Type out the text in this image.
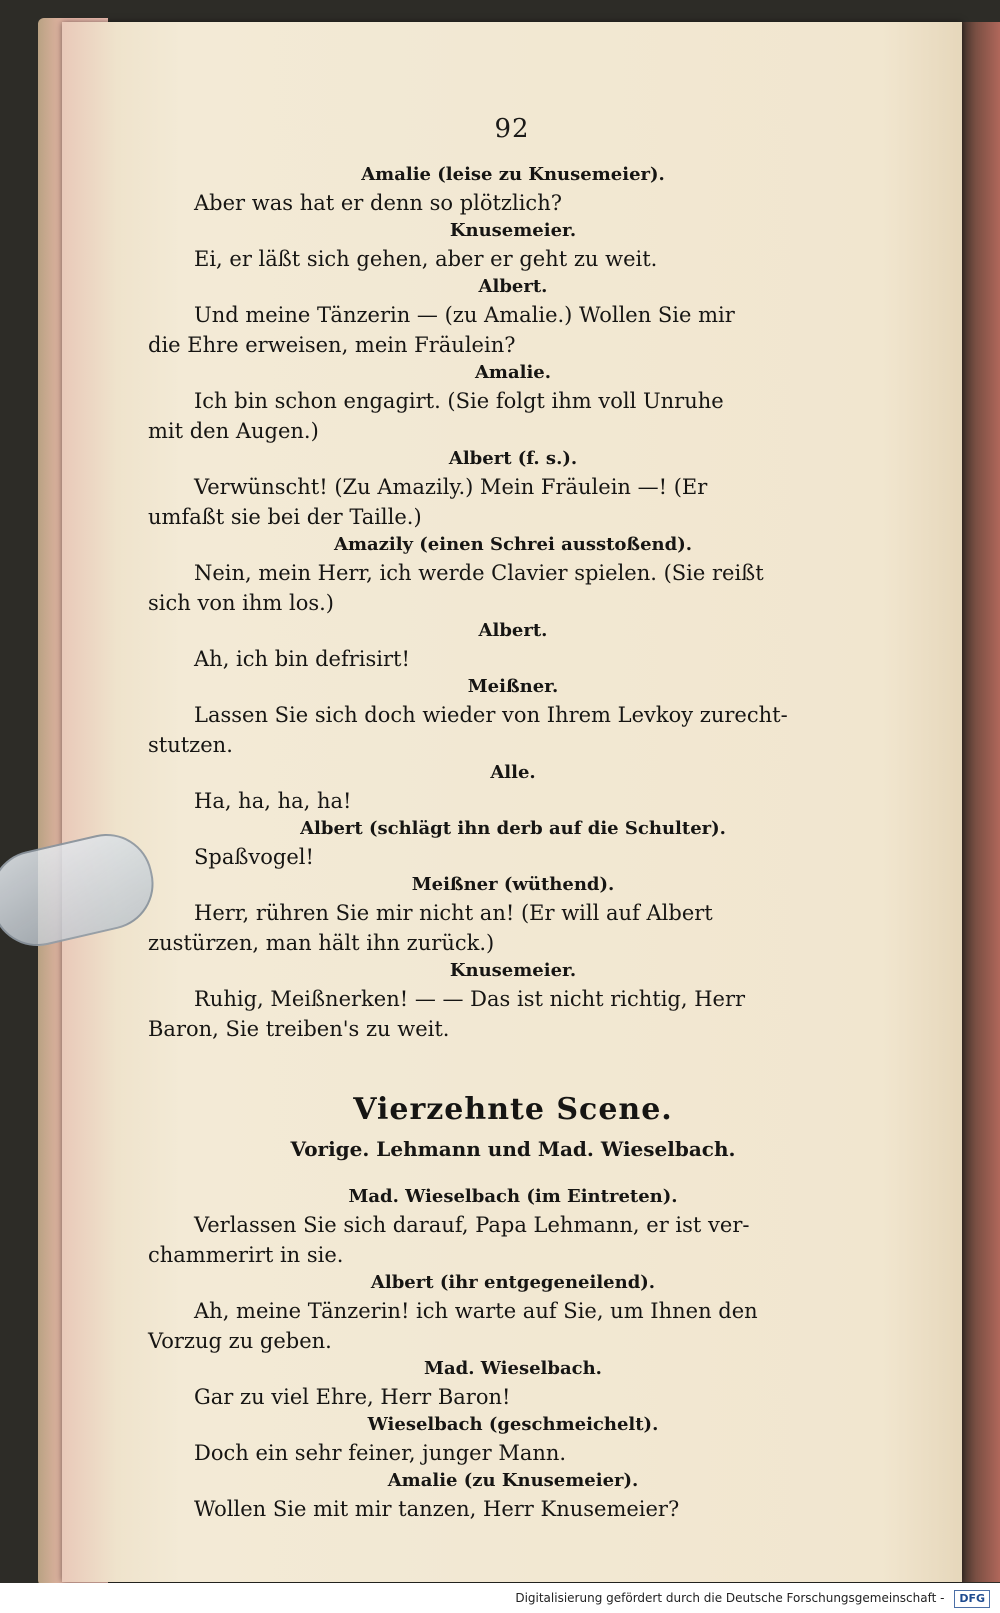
92
Amalie (leise zu Knusemeier).
Aber was hat er denn so plötzlich?
Knusemeier.
Ei, er läßt sich gehen, aber er geht zu weit.
Albert.
Und meine Tänzerin — (zu Amalie.) Wollen Sie mir
die Ehre erweisen, mein Fräulein?
Amalie.
Ich bin schon engagirt. (Sie folgt ihm voll Unruhe
mit den Augen.)
Albert (f. s.).
Verwünscht! (Zu Amazily.) Mein Fräulein —! (Er
umfaßt sie bei der Taille.)
Amazily (einen Schrei ausstoßend).
Nein, mein Herr, ich werde Clavier spielen. (Sie reißt
sich von ihm los.)
Albert.
Ah, ich bin defrisirt!
Meißner.
Lassen Sie sich doch wieder von Ihrem Levkoy zurecht-
stutzen.
Alle.
Ha, ha, ha, ha!
Albert (schlägt ihn derb auf die Schulter).
Spaßvogel!
Meißner (wüthend).
Herr, rühren Sie mir nicht an! (Er will auf Albert
zustürzen, man hält ihn zurück.)
Knusemeier.
Ruhig, Meißnerken! — — Das ist nicht richtig, Herr
Baron, Sie treiben's zu weit.
Vierzehnte Scene.
Vorige. Lehmann und Mad. Wieselbach.
Mad. Wieselbach (im Eintreten).
Verlassen Sie sich darauf, Papa Lehmann, er ist ver-
chammerirt in sie.
Albert (ihr entgegeneilend).
Ah, meine Tänzerin! ich warte auf Sie, um Ihnen den
Vorzug zu geben.
Mad. Wieselbach.
Gar zu viel Ehre, Herr Baron!
Wieselbach (geschmeichelt).
Doch ein sehr feiner, junger Mann.
Amalie (zu Knusemeier).
Wollen Sie mit mir tanzen, Herr Knusemeier?
Digitalisierung gefördert durch die Deutsche Forschungsgemeinschaft - DFG
